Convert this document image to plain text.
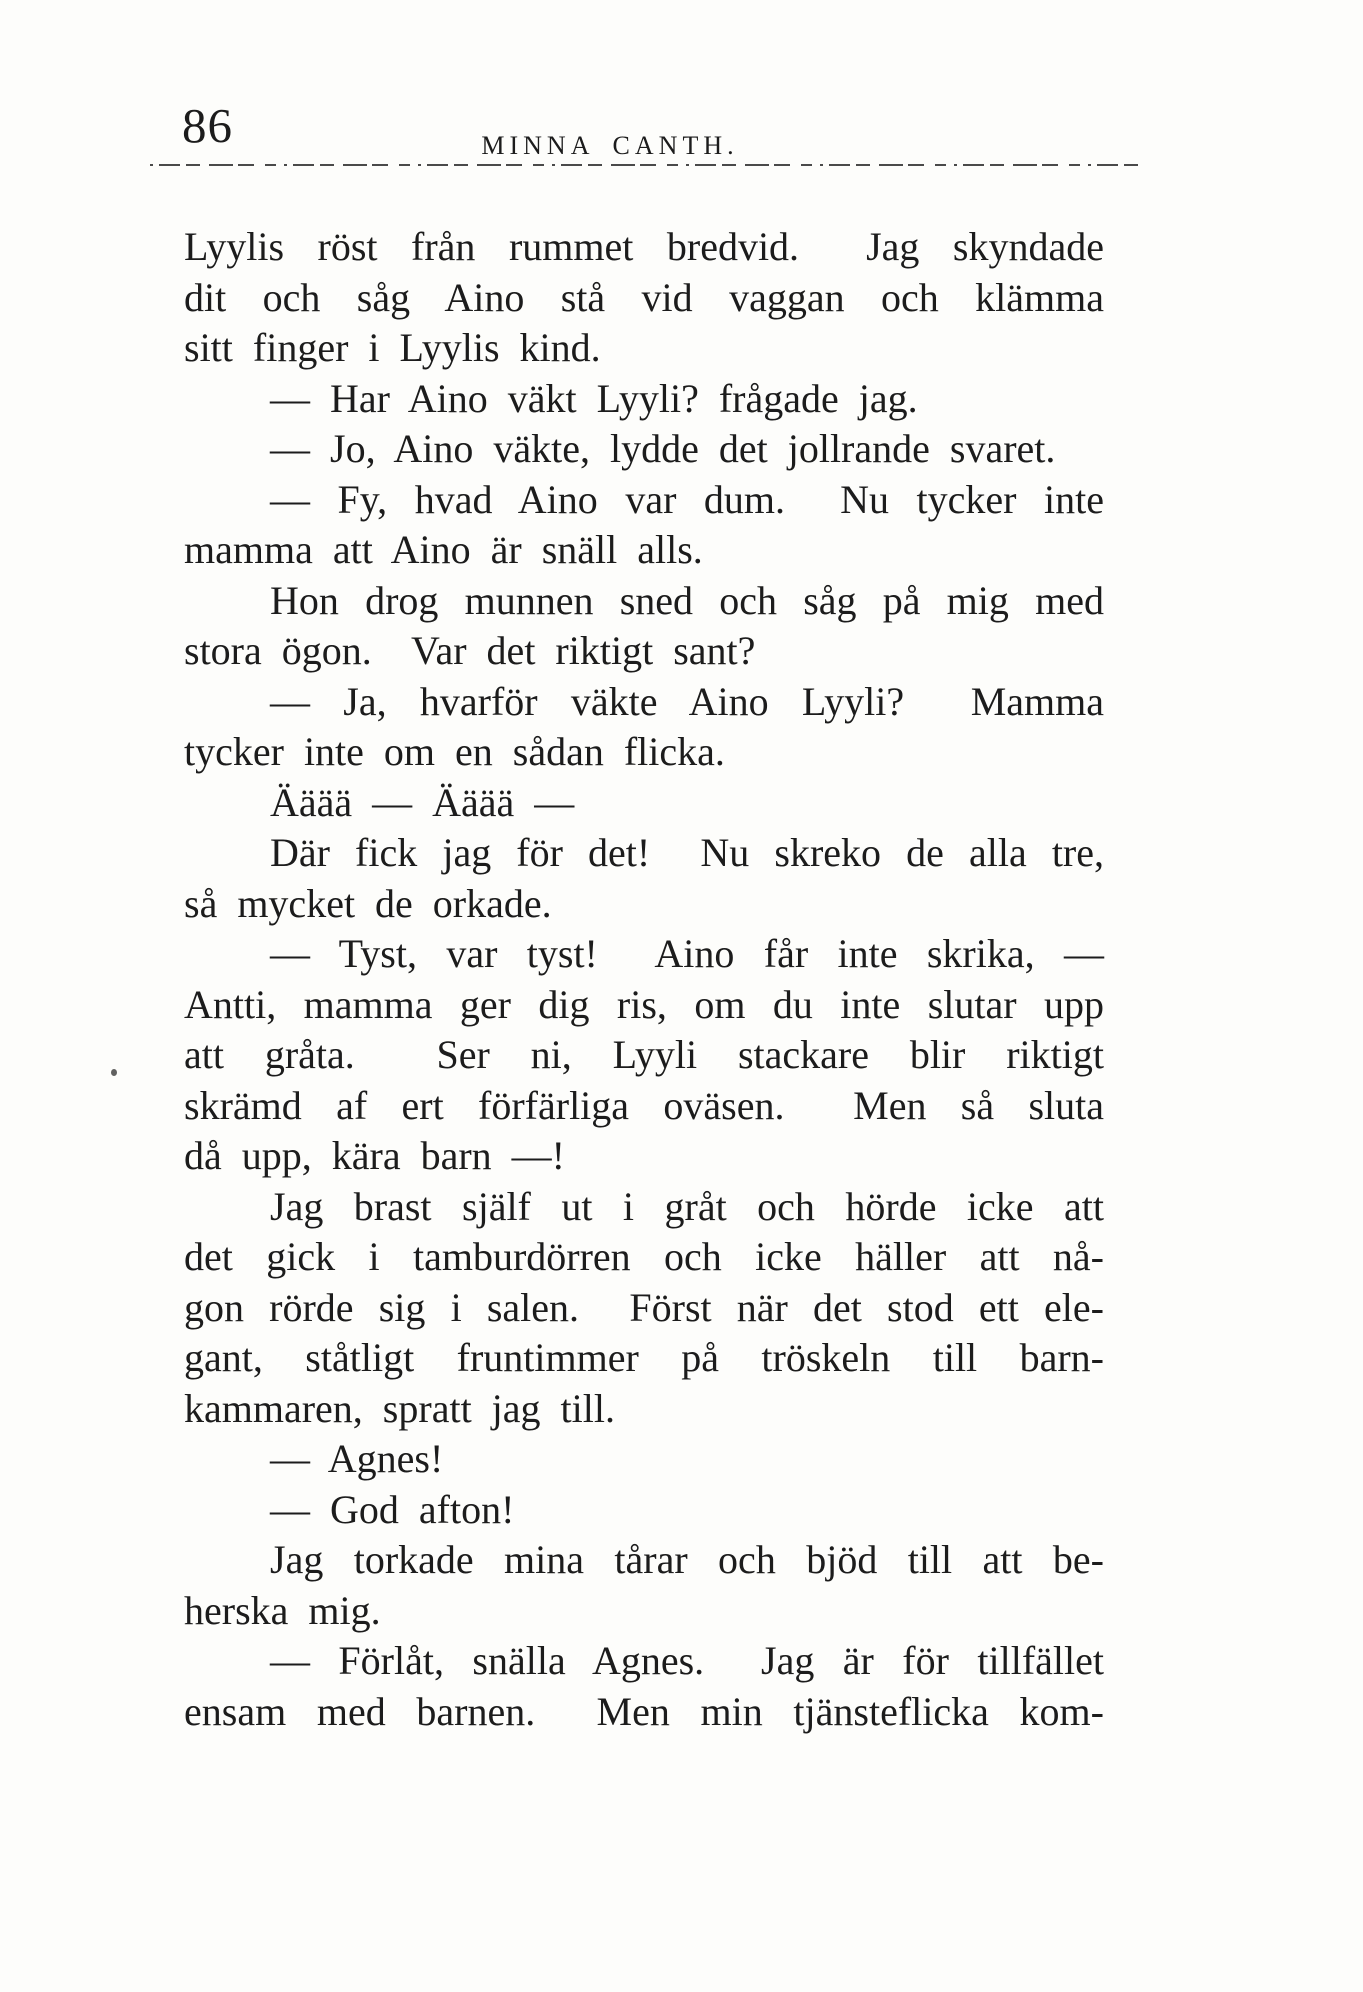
86	MINNA CANTH.

Lyylis röst från rummet bredvid.  Jag skyndade

dit och såg Aino stå vid vaggan och klämma

sitt finger i Lyylis kind.

— Har Aino väkt Lyyli? frågade jag.

— Jo, Aino väkte, lydde det jollrande svaret.

— Fy, hvad Aino var dum.  Nu tycker inte

mamma att Aino är snäll alls.

Hon drog munnen sned och såg på mig med

stora ögon.  Var det riktigt sant?

— Ja, hvarför väkte Aino Lyyli?  Mamma

tycker inte om en sådan flicka.

Ääää — Ääää —

Där fick jag för det!  Nu skreko de alla tre,

så mycket de orkade.

— Tyst, var tyst!  Aino får inte skrika, —

Antti, mamma ger dig ris, om du inte slutar upp

att gråta.  Ser ni, Lyyli stackare blir riktigt

skrämd af ert förfärliga oväsen.  Men så sluta

då upp, kära barn —!

Jag brast själf ut i gråt och hörde icke att

det gick i tamburdörren och icke häller att nå-

gon rörde sig i salen.  Först när det stod ett ele-

gant, ståtligt fruntimmer på tröskeln till barn-

kammaren, spratt jag till.

— Agnes!

— God afton!

Jag torkade mina tårar och bjöd till att be-

herska mig.

— Förlåt, snälla Agnes.  Jag är för tillfället

ensam med barnen.  Men min tjänsteflicka kom-
